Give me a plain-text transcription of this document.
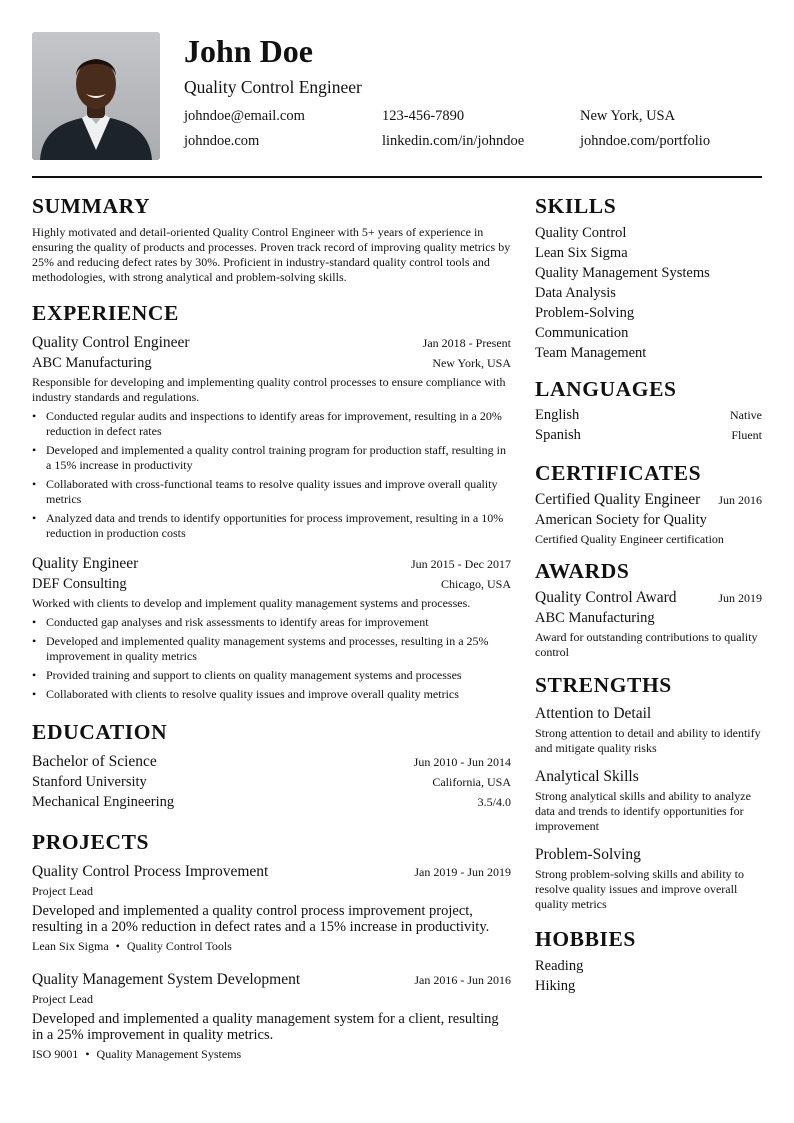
John Doe
Quality Control Engineer
johndoe@email.com	123-456-7890	New York, USA
johndoe.com	linkedin.com/in/johndoe	johndoe.com/portfolio
SUMMARY
Highly motivated and detail-oriented Quality Control Engineer with 5+ years of experience in ensuring the quality of products and processes. Proven track record of improving quality metrics by 25% and reducing defect rates by 30%. Proficient in industry-standard quality control tools and methodologies, with strong analytical and problem-solving skills.
EXPERIENCE
Quality Control Engineer	Jan 2018 - Present
ABC Manufacturing	New York, USA
Responsible for developing and implementing quality control processes to ensure compliance with industry standards and regulations.
• Conducted regular audits and inspections to identify areas for improvement, resulting in a 20% reduction in defect rates
• Developed and implemented a quality control training program for production staff, resulting in a 15% increase in productivity
• Collaborated with cross-functional teams to resolve quality issues and improve overall quality metrics
• Analyzed data and trends to identify opportunities for process improvement, resulting in a 10% reduction in production costs
Quality Engineer	Jun 2015 - Dec 2017
DEF Consulting	Chicago, USA
Worked with clients to develop and implement quality management systems and processes.
• Conducted gap analyses and risk assessments to identify areas for improvement
• Developed and implemented quality management systems and processes, resulting in a 25% improvement in quality metrics
• Provided training and support to clients on quality management systems and processes
• Collaborated with clients to resolve quality issues and improve overall quality metrics
EDUCATION
Bachelor of Science	Jun 2010 - Jun 2014
Stanford University	California, USA
Mechanical Engineering	3.5/4.0
PROJECTS
Quality Control Process Improvement	Jan 2019 - Jun 2019
Project Lead
Developed and implemented a quality control process improvement project, resulting in a 20% reduction in defect rates and a 15% increase in productivity.
Lean Six Sigma • Quality Control Tools
Quality Management System Development	Jan 2016 - Jun 2016
Project Lead
Developed and implemented a quality management system for a client, resulting in a 25% improvement in quality metrics.
ISO 9001 • Quality Management Systems
SKILLS
Quality Control
Lean Six Sigma
Quality Management Systems
Data Analysis
Problem-Solving
Communication
Team Management
LANGUAGES
English	Native
Spanish	Fluent
CERTIFICATES
Certified Quality Engineer Jun 2016
American Society for Quality
Certified Quality Engineer certification
AWARDS
Quality Control Award	Jun 2019
ABC Manufacturing
Award for outstanding contributions to quality control
STRENGTHS
Attention to Detail
Strong attention to detail and ability to identify and mitigate quality risks
Analytical Skills
Strong analytical skills and ability to analyze data and trends to identify opportunities for improvement
Problem-Solving
Strong problem-solving skills and ability to resolve quality issues and improve overall quality metrics
HOBBIES
Reading
Hiking
